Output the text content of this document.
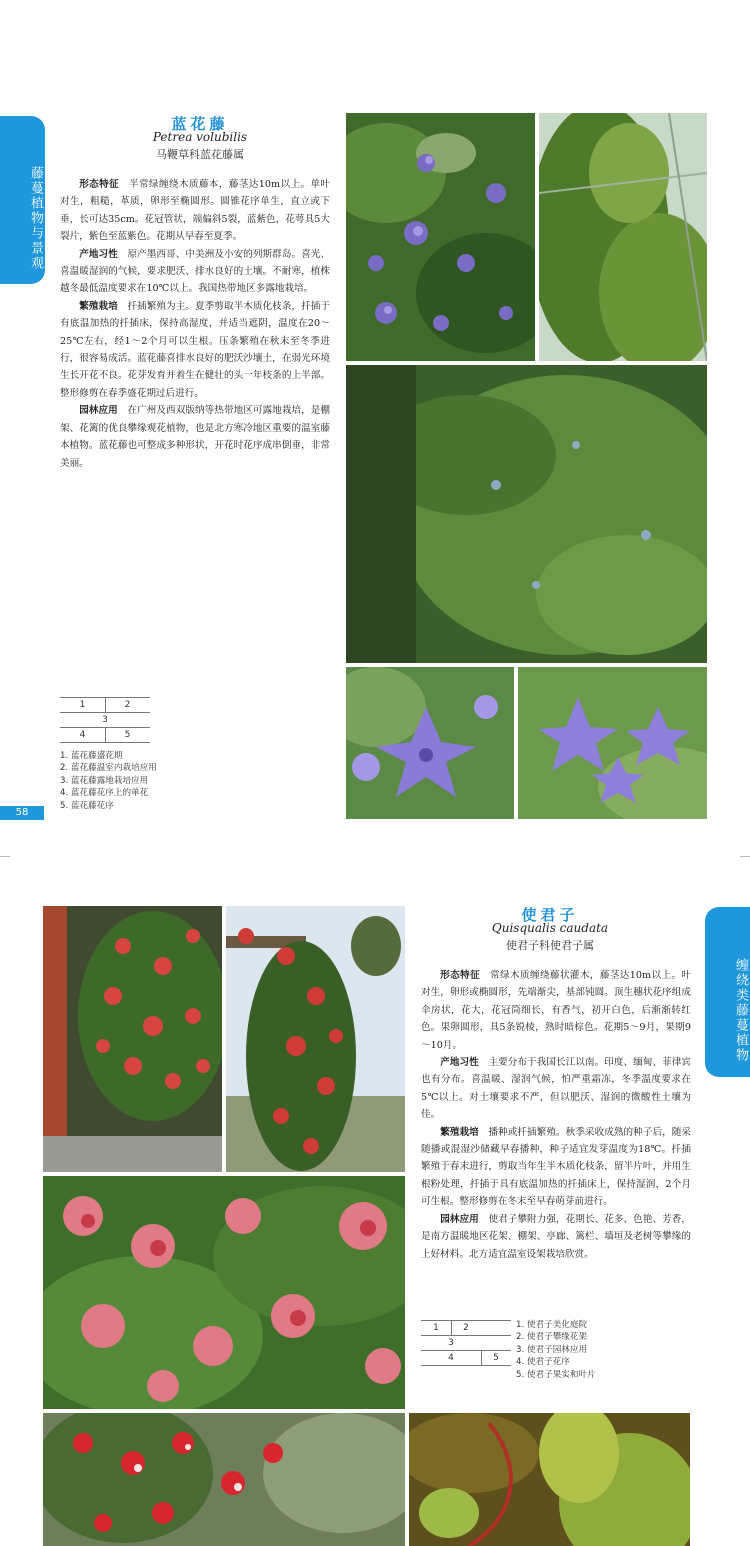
藤蔓植物与景观
蓝花藤
Petrea volubilis
马鞭草科蓝花藤属

形态特征　 半常绿缠绕木质藤本，藤茎达10m以上。单叶对生，粗糙，革质，卵形至椭圆形。圆锥花序单生，直立或下垂，长可达35cm。花冠管状，端偏斜5裂，蓝紫色，花萼具5大裂片，紫色至蓝紫色。花期从早春至夏季。

产地习性　 原产墨西哥、中美洲及小安的列斯群岛。喜光、喜温暖湿润的气候，要求肥沃、排水良好的土壤。不耐寒，植株越冬最低温度要求在10℃以上。我国热带地区多露地栽培。

繁殖栽培　 扦插繁殖为主。夏季剪取半木质化枝条，扦插于有底温加热的扦插床，保持高湿度，并适当遮阴，温度在20～25℃左右，经1～2个月可以生根。压条繁殖在秋末至冬季进行，很容易成活。蓝花藤喜排水良好的肥沃沙壤土，在弱光环境生长开花不良。花芽发育并着生在健壮的头一年枝条的上半部。整形修剪在春季盛花期过后进行。

园林应用　 在广州及西双版纳等热带地区可露地栽培，是棚架、花篱的优良攀缘观花植物，也是北方寒冷地区重要的温室藤本植物。蓝花藤也可整成多种形状，开花时花序成串倒垂，非常美丽。

1	2
3
4	5
1. 蓝花藤盛花期
2. 蓝花藤温室内栽培应用
3. 蓝花藤露地栽培应用
4. 蓝花藤花序上的单花
5. 蓝花藤花序
58
缠绕类藤蔓植物
使君子
Quisqualis caudata
使君子科使君子属

形态特征　 常绿木质缠绕藤状灌木，藤茎达10m以上。叶对生，卵形或椭圆形，先端渐尖，基部钝圆。顶生穗状花序组成伞房状，花大，花冠筒细长，有香气，初开白色，后渐渐转红色。果卵圆形，具5条锐棱，熟时暗棕色。花期5～9月，果期9～10月。

产地习性　 主要分布于我国长江以南。印度、缅甸、菲律宾也有分布。喜温暖、湿润气候，怕严重霜冻，冬季温度要求在5℃以上。对土壤要求不严，但以肥沃、湿润的微酸性土壤为佳。

繁殖栽培　 播种或扦插繁殖。秋季采收成熟的种子后，随采随播或混湿沙储藏早春播种，种子适宜发芽温度为18℃。扦插繁殖于春末进行，剪取当年生半木质化枝条，留半片叶，并用生根粉处理，扦插于具有底温加热的扦插床上，保持湿润，2个月可生根。整形修剪在冬末至早春萌芽前进行。

园林应用　 使君子攀附力强，花期长、花多、色艳、芳香，是南方温暖地区花架、棚架、亭廊、篱栏、墙垣及老树等攀缘的上好材料。北方适宜温室设架栽培欣赏。

1	2
3
4	5
1. 使君子美化庭院
2. 使君子攀缘花架
3. 使君子园林应用
4. 使君子花序
5. 使君子果实和叶片
